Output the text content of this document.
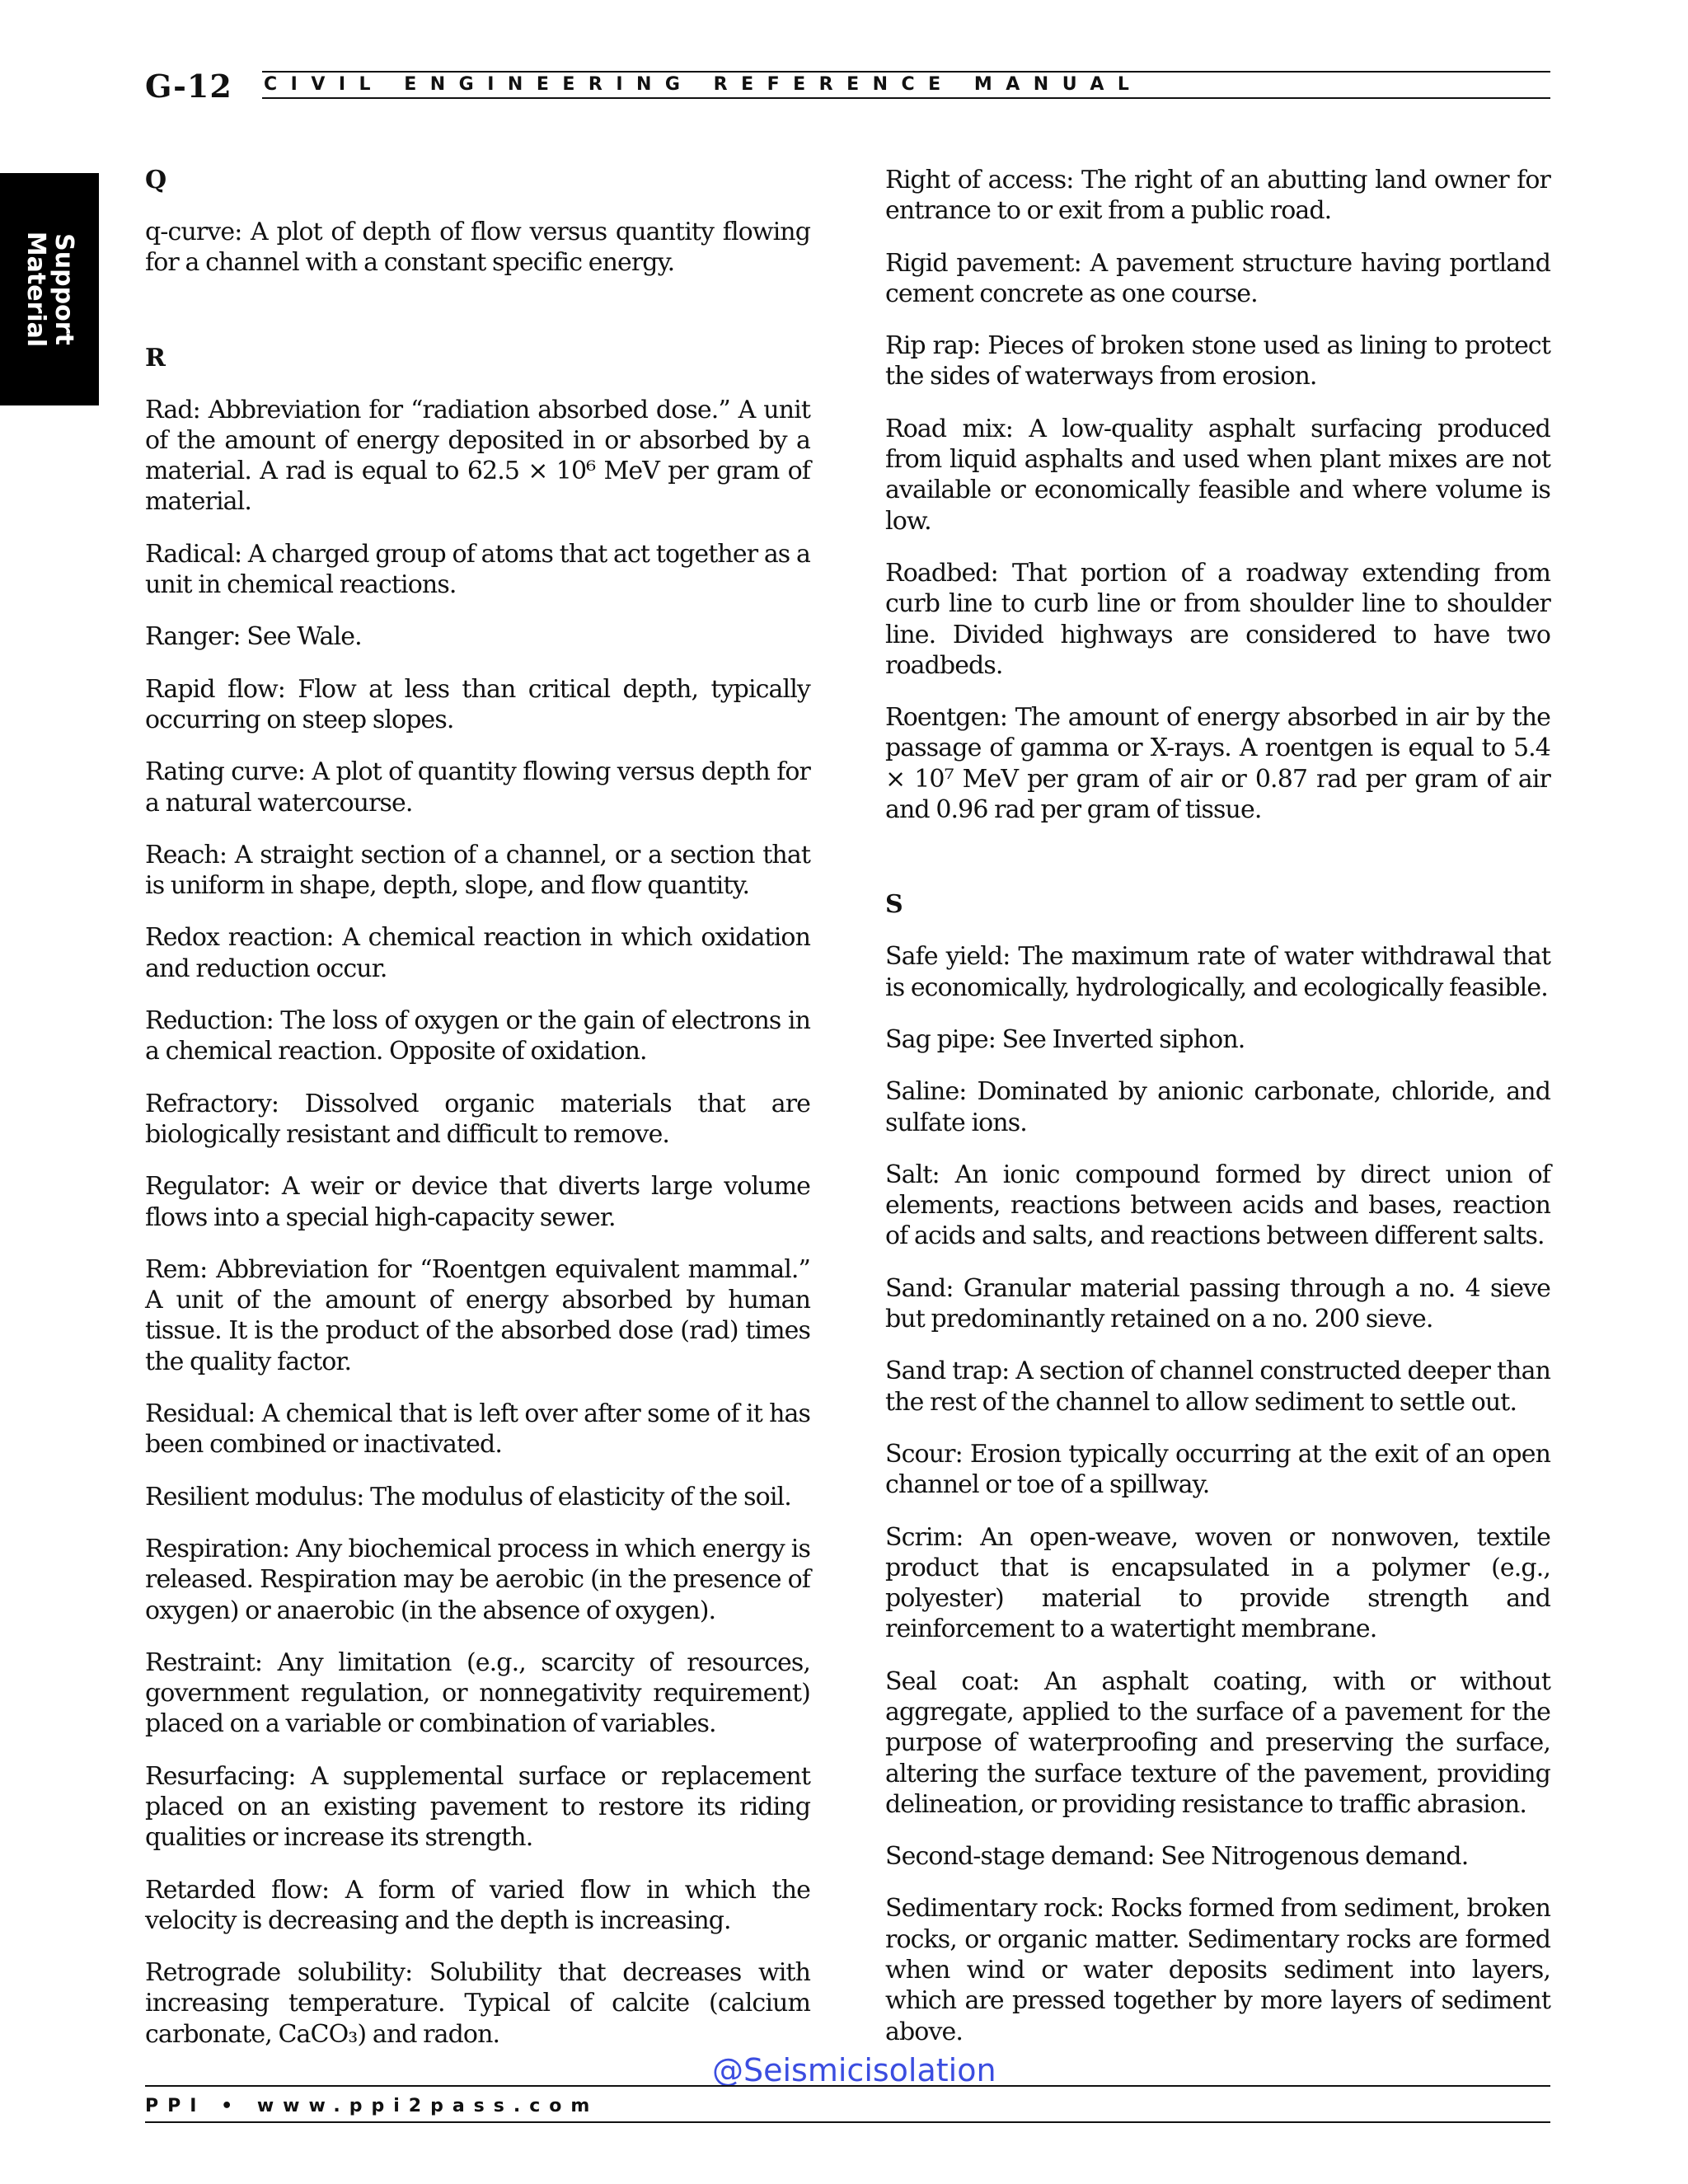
G-12 CIVIL ENGINEERING REFERENCE MANUAL
Support
Material
Q

q-curve: A plot of depth of flow versus quantity flowing for a channel with a constant specific energy.

R

Rad: Abbreviation for “radiation absorbed dose.” A unit of the amount of energy deposited in or absorbed by a material. A rad is equal to 62.5 × 10⁶ MeV per gram of material.

Radical: A charged group of atoms that act together as a unit in chemical reactions.

Ranger: See Wale.

Rapid flow: Flow at less than critical depth, typically occurring on steep slopes.

Rating curve: A plot of quantity flowing versus depth for a natural watercourse.

Reach: A straight section of a channel, or a section that is uniform in shape, depth, slope, and flow quantity.

Redox reaction: A chemical reaction in which oxidation and reduction occur.

Reduction: The loss of oxygen or the gain of electrons in a chemical reaction. Opposite of oxidation.

Refractory: Dissolved organic materials that are biologically resistant and difficult to remove.

Regulator: A weir or device that diverts large volume flows into a special high-capacity sewer.

Rem: Abbreviation for “Roentgen equivalent mammal.” A unit of the amount of energy absorbed by human tissue. It is the product of the absorbed dose (rad) times the quality factor.

Residual: A chemical that is left over after some of it has been combined or inactivated.

Resilient modulus: The modulus of elasticity of the soil.

Respiration: Any biochemical process in which energy is released. Respiration may be aerobic (in the presence of oxygen) or anaerobic (in the absence of oxygen).

Restraint: Any limitation (e.g., scarcity of resources, government regulation, or nonnegativity requirement) placed on a variable or combination of variables.

Resurfacing: A supplemental surface or replacement placed on an existing pavement to restore its riding qualities or increase its strength.

Retarded flow: A form of varied flow in which the velocity is decreasing and the depth is increasing.

Retrograde solubility: Solubility that decreases with increasing temperature. Typical of calcite (calcium carbonate, CaCO₃) and radon.

Right of access: The right of an abutting land owner for entrance to or exit from a public road.

Rigid pavement: A pavement structure having portland cement concrete as one course.

Rip rap: Pieces of broken stone used as lining to protect the sides of waterways from erosion.

Road mix: A low-quality asphalt surfacing produced from liquid asphalts and used when plant mixes are not available or economically feasible and where volume is low.

Roadbed: That portion of a roadway extending from curb line to curb line or from shoulder line to shoulder line. Divided highways are considered to have two roadbeds.

Roentgen: The amount of energy absorbed in air by the passage of gamma or X-rays. A roentgen is equal to 5.4 × 10⁷ MeV per gram of air or 0.87 rad per gram of air and 0.96 rad per gram of tissue.

S

Safe yield: The maximum rate of water withdrawal that is economically, hydrologically, and ecologically feasible.

Sag pipe: See Inverted siphon.

Saline: Dominated by anionic carbonate, chloride, and sulfate ions.

Salt: An ionic compound formed by direct union of elements, reactions between acids and bases, reaction of acids and salts, and reactions between different salts.

Sand: Granular material passing through a no. 4 sieve but predominantly retained on a no. 200 sieve.

Sand trap: A section of channel constructed deeper than the rest of the channel to allow sediment to settle out.

Scour: Erosion typically occurring at the exit of an open channel or toe of a spillway.

Scrim: An open-weave, woven or nonwoven, textile product that is encapsulated in a polymer (e.g., polyester) material to provide strength and reinforcement to a watertight membrane.

Seal coat: An asphalt coating, with or without aggregate, applied to the surface of a pavement for the purpose of waterproofing and preserving the surface, altering the surface texture of the pavement, providing delineation, or providing resistance to traffic abrasion.

Second-stage demand: See Nitrogenous demand.

Sedimentary rock: Rocks formed from sediment, broken rocks, or organic matter. Sedimentary rocks are formed when wind or water deposits sediment into layers, which are pressed together by more layers of sediment above.

@Seismicisolation
PPI • www.ppi2pass.com
